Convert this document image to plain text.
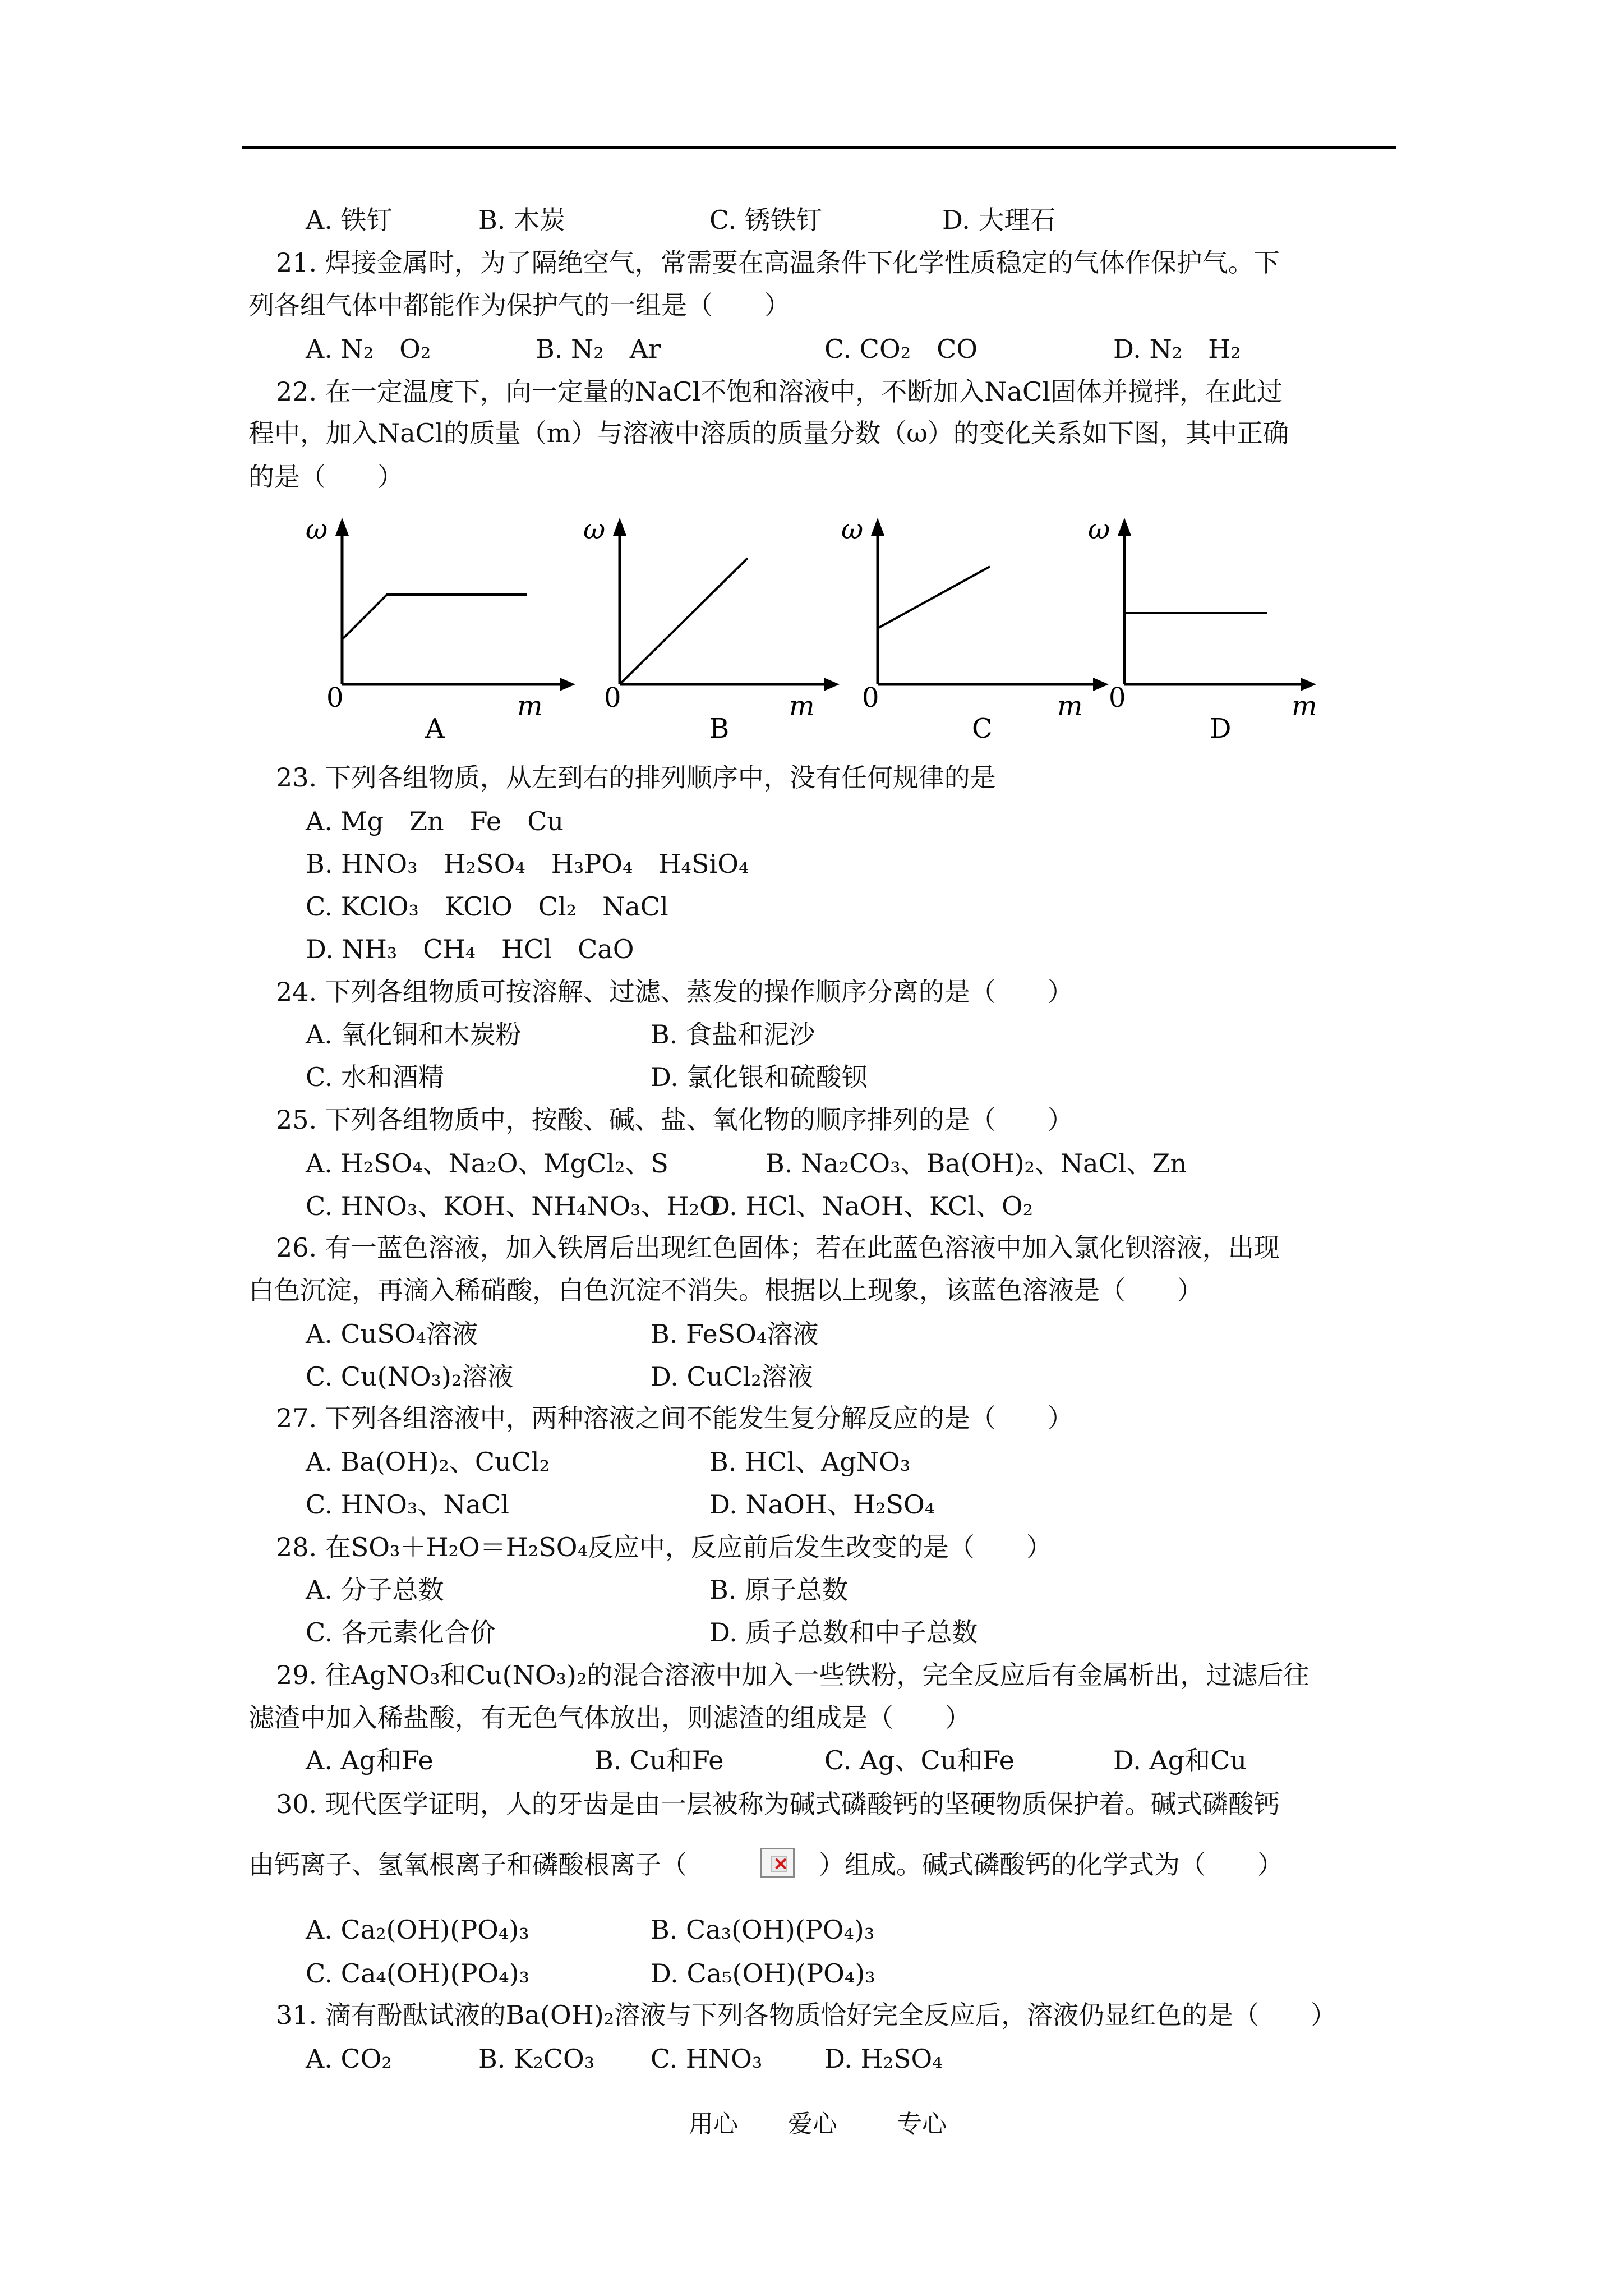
A. 铁钉	B. 木炭	C. 锈铁钉	D. 大理石
21. 焊接金属时，为了隔绝空气，常需要在高温条件下化学性质稳定的气体作保护气。下
列各组气体中都能作为保护气的一组是（　　）
A. N₂　O₂	B. N₂　Ar	C. CO₂　CO	D. N₂　H₂
22. 在一定温度下，向一定量的NaCl不饱和溶液中，不断加入NaCl固体并搅拌，在此过
程中，加入NaCl的质量（m）与溶液中溶质的质量分数（ω）的变化关系如下图，其中正确
的是（　　）
ω
0	m
A
ω
0	m
B
ω
0	m
C
ω
0	m
D
23. 下列各组物质，从左到右的排列顺序中，没有任何规律的是
A. Mg　Zn　Fe　Cu
B. HNO₃　H₂SO₄　H₃PO₄　H₄SiO₄
C. KClO₃　KClO　Cl₂　NaCl
D. NH₃　CH₄　HCl　CaO
24. 下列各组物质可按溶解、过滤、蒸发的操作顺序分离的是（　　）
A. 氧化铜和木炭粉	B. 食盐和泥沙
C. 水和酒精	D. 氯化银和硫酸钡
25. 下列各组物质中，按酸、碱、盐、氧化物的顺序排列的是（　　）
A. H₂SO₄、Na₂O、MgCl₂、S	B. Na₂CO₃、Ba(OH)₂、NaCl、Zn
C. HNO₃、KOH、NH₄NO₃、H₂O
D. HCl、NaOH、KCl、O₂
26. 有一蓝色溶液，加入铁屑后出现红色固体；若在此蓝色溶液中加入氯化钡溶液，出现
白色沉淀，再滴入稀硝酸，白色沉淀不消失。根据以上现象，该蓝色溶液是（　　）
A. CuSO₄溶液	B. FeSO₄溶液
C. Cu(NO₃)₂溶液	D. CuCl₂溶液
27. 下列各组溶液中，两种溶液之间不能发生复分解反应的是（　　）
A. Ba(OH)₂、CuCl₂	B. HCl、AgNO₃
C. HNO₃、NaCl	D. NaOH、H₂SO₄
28. 在SO₃＋H₂O＝H₂SO₄反应中，反应前后发生改变的是（　　）
A. 分子总数	B. 原子总数
C. 各元素化合价	D. 质子总数和中子总数
29. 往AgNO₃和Cu(NO₃)₂的混合溶液中加入一些铁粉，完全反应后有金属析出，过滤后往
滤渣中加入稀盐酸，有无色气体放出，则滤渣的组成是（　　）
A. Ag和Fe	B. Cu和Fe	C. Ag、Cu和Fe	D. Ag和Cu
30. 现代医学证明，人的牙齿是由一层被称为碱式磷酸钙的坚硬物质保护着。碱式磷酸钙
由钙离子、氢氧根离子和磷酸根离子（	× ）组成。碱式磷酸钙的化学式为（　　）
A. Ca₂(OH)(PO₄)₃	B. Ca₃(OH)(PO₄)₃
C. Ca₄(OH)(PO₄)₃	D. Ca₅(OH)(PO₄)₃
31. 滴有酚酞试液的Ba(OH)₂溶液与下列各物质恰好完全反应后，溶液仍显红色的是（　　）
A. CO₂	B. K₂CO₃ C. HNO₃ D. H₂SO₄
用心 爱心 专心
